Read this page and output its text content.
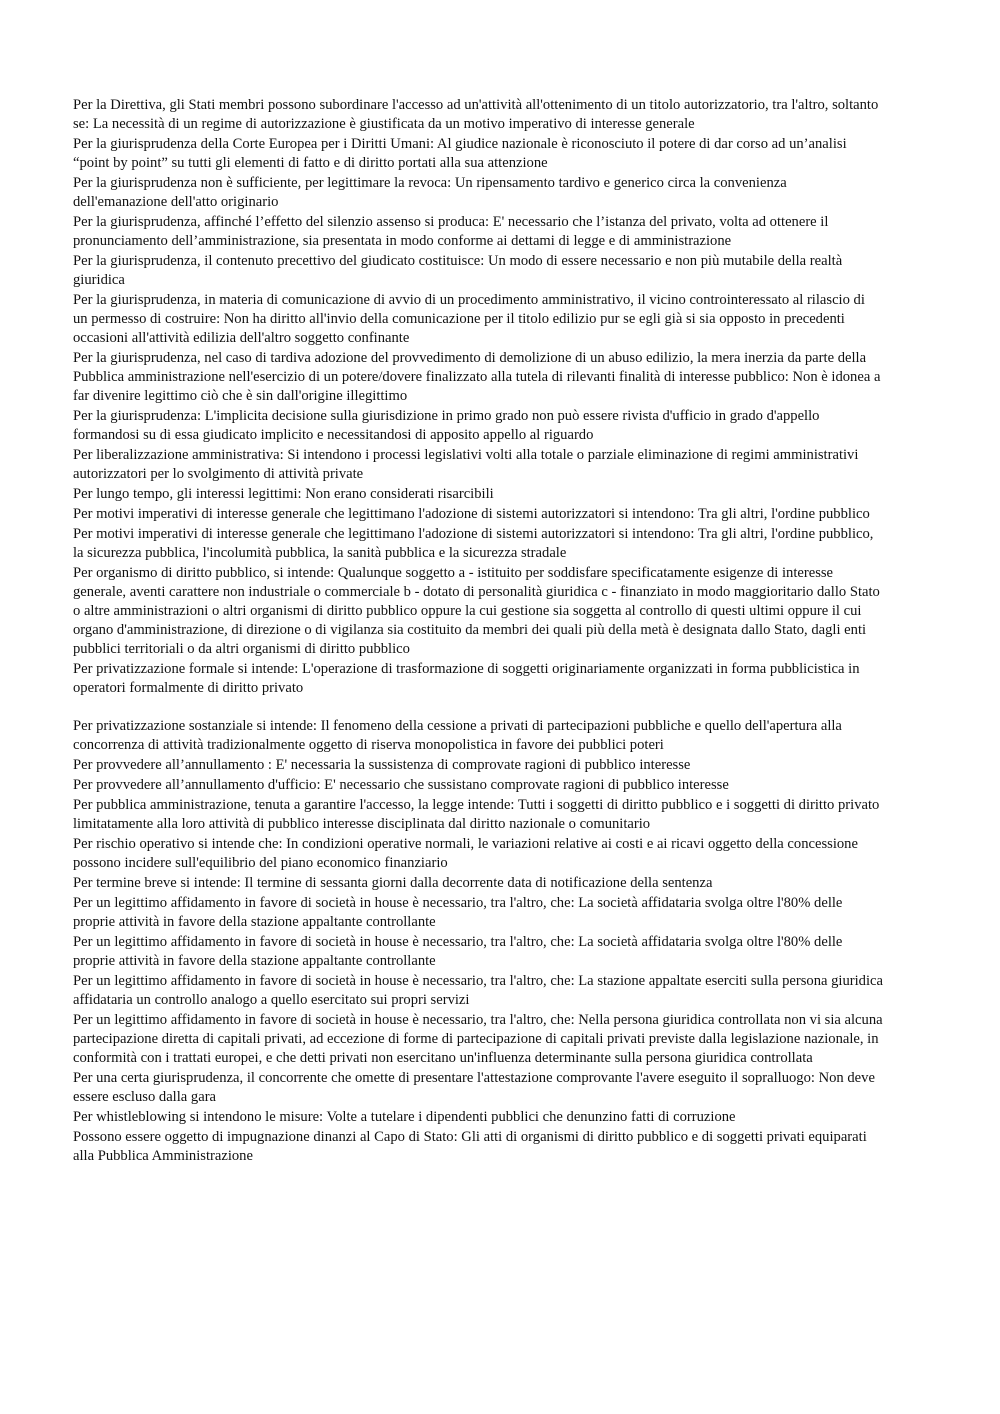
Per la Direttiva, gli Stati membri possono subordinare l'accesso ad un'attività all'ottenimento di un titolo autorizzatorio, tra l'altro, soltanto se: La necessità di un regime di autorizzazione è giustificata da un motivo imperativo di interesse generale

Per la giurisprudenza della Corte Europea per i Diritti Umani: Al giudice nazionale è riconosciuto il potere di dar corso ad un’analisi “point by point” su tutti gli elementi di fatto e di diritto portati alla sua attenzione

Per la giurisprudenza non è sufficiente, per legittimare la revoca: Un ripensamento tardivo e generico circa la convenienza dell'emanazione dell'atto originario

Per la giurisprudenza, affinché l’effetto del silenzio assenso si produca: E' necessario che l’istanza del privato, volta ad ottenere il pronunciamento dell’amministrazione, sia presentata in modo conforme ai dettami di legge e di amministrazione

Per la giurisprudenza, il contenuto precettivo del giudicato costituisce: Un modo di essere necessario e non più mutabile della realtà giuridica

Per la giurisprudenza, in materia di comunicazione di avvio di un procedimento amministrativo, il vicino controinteressato al rilascio di un permesso di costruire: Non ha diritto all'invio della comunicazione per il titolo edilizio pur se egli già si sia opposto in precedenti occasioni all'attività edilizia dell'altro soggetto confinante

Per la giurisprudenza, nel caso di tardiva adozione del provvedimento di demolizione di un abuso edilizio, la mera inerzia da parte della Pubblica amministrazione nell'esercizio di un potere/dovere finalizzato alla tutela di rilevanti finalità di interesse pubblico: Non è idonea a far divenire legittimo ciò che è sin dall'origine illegittimo

Per la giurisprudenza: L'implicita decisione sulla giurisdizione in primo grado non può essere rivista d'ufficio in grado d'appello formandosi su di essa giudicato implicito e necessitandosi di apposito appello al riguardo

Per liberalizzazione amministrativa: Si intendono i processi legislativi volti alla totale o parziale eliminazione di regimi amministrativi autorizzatori per lo svolgimento di attività private

Per lungo tempo, gli interessi legittimi: Non erano considerati risarcibili

Per motivi imperativi di interesse generale che legittimano l'adozione di sistemi autorizzatori si intendono: Tra gli altri, l'ordine pubblico

Per motivi imperativi di interesse generale che legittimano l'adozione di sistemi autorizzatori si intendono: Tra gli altri, l'ordine pubblico, la sicurezza pubblica, l'incolumità pubblica, la sanità pubblica e la sicurezza stradale

Per organismo di diritto pubblico, si intende: Qualunque soggetto a - istituito per soddisfare specificatamente esigenze di interesse generale, aventi carattere non industriale o commerciale b - dotato di personalità giuridica c - finanziato in modo maggioritario dallo Stato o altre amministrazioni o altri organismi di diritto pubblico oppure la cui gestione sia soggetta al controllo di questi ultimi oppure il cui organo d'amministrazione, di direzione o di vigilanza sia costituito da membri dei quali più della metà è designata dallo Stato, dagli enti pubblici territoriali o da altri organismi di diritto pubblico

Per privatizzazione formale si intende: L'operazione di trasformazione di soggetti originariamente organizzati in forma pubblicistica in operatori formalmente di diritto privato

Per privatizzazione sostanziale si intende: Il fenomeno della cessione a privati di partecipazioni pubbliche e quello dell'apertura alla concorrenza di attività tradizionalmente oggetto di riserva monopolistica in favore dei pubblici poteri

Per provvedere all’annullamento : E' necessaria la sussistenza di comprovate ragioni di pubblico interesse

Per provvedere all’annullamento d'ufficio: E' necessario che sussistano comprovate ragioni di pubblico interesse

Per pubblica amministrazione, tenuta a garantire l'accesso, la legge intende: Tutti i soggetti di diritto pubblico e i soggetti di diritto privato limitatamente alla loro attività di pubblico interesse disciplinata dal diritto nazionale o comunitario

Per rischio operativo si intende che: In condizioni operative normali, le variazioni relative ai costi e ai ricavi oggetto della concessione possono incidere sull'equilibrio del piano economico finanziario

Per termine breve si intende: Il termine di sessanta giorni dalla decorrente data di notificazione della sentenza

Per un legittimo affidamento in favore di società in house è necessario, tra l'altro, che: La società affidataria svolga oltre l'80% delle proprie attività in favore della stazione appaltante controllante

Per un legittimo affidamento in favore di società in house è necessario, tra l'altro, che: La società affidataria svolga oltre l'80% delle proprie attività in favore della stazione appaltante controllante

Per un legittimo affidamento in favore di società in house è necessario, tra l'altro, che: La stazione appaltate eserciti sulla persona giuridica affidataria un controllo analogo a quello esercitato sui propri servizi

Per un legittimo affidamento in favore di società in house è necessario, tra l'altro, che: Nella persona giuridica controllata non vi sia alcuna partecipazione diretta di capitali privati, ad eccezione di forme di partecipazione di capitali privati previste dalla legislazione nazionale, in conformità con i trattati europei, e che detti privati non esercitano un'influenza determinante sulla persona giuridica controllata

Per una certa giurisprudenza, il concorrente che omette di presentare l'attestazione comprovante l'avere eseguito il sopralluogo: Non deve essere escluso dalla gara

Per whistleblowing si intendono le misure: Volte a tutelare i dipendenti pubblici che denunzino fatti di corruzione

Possono essere oggetto di impugnazione dinanzi al Capo di Stato: Gli atti di organismi di diritto pubblico e di soggetti privati equiparati alla Pubblica Amministrazione
